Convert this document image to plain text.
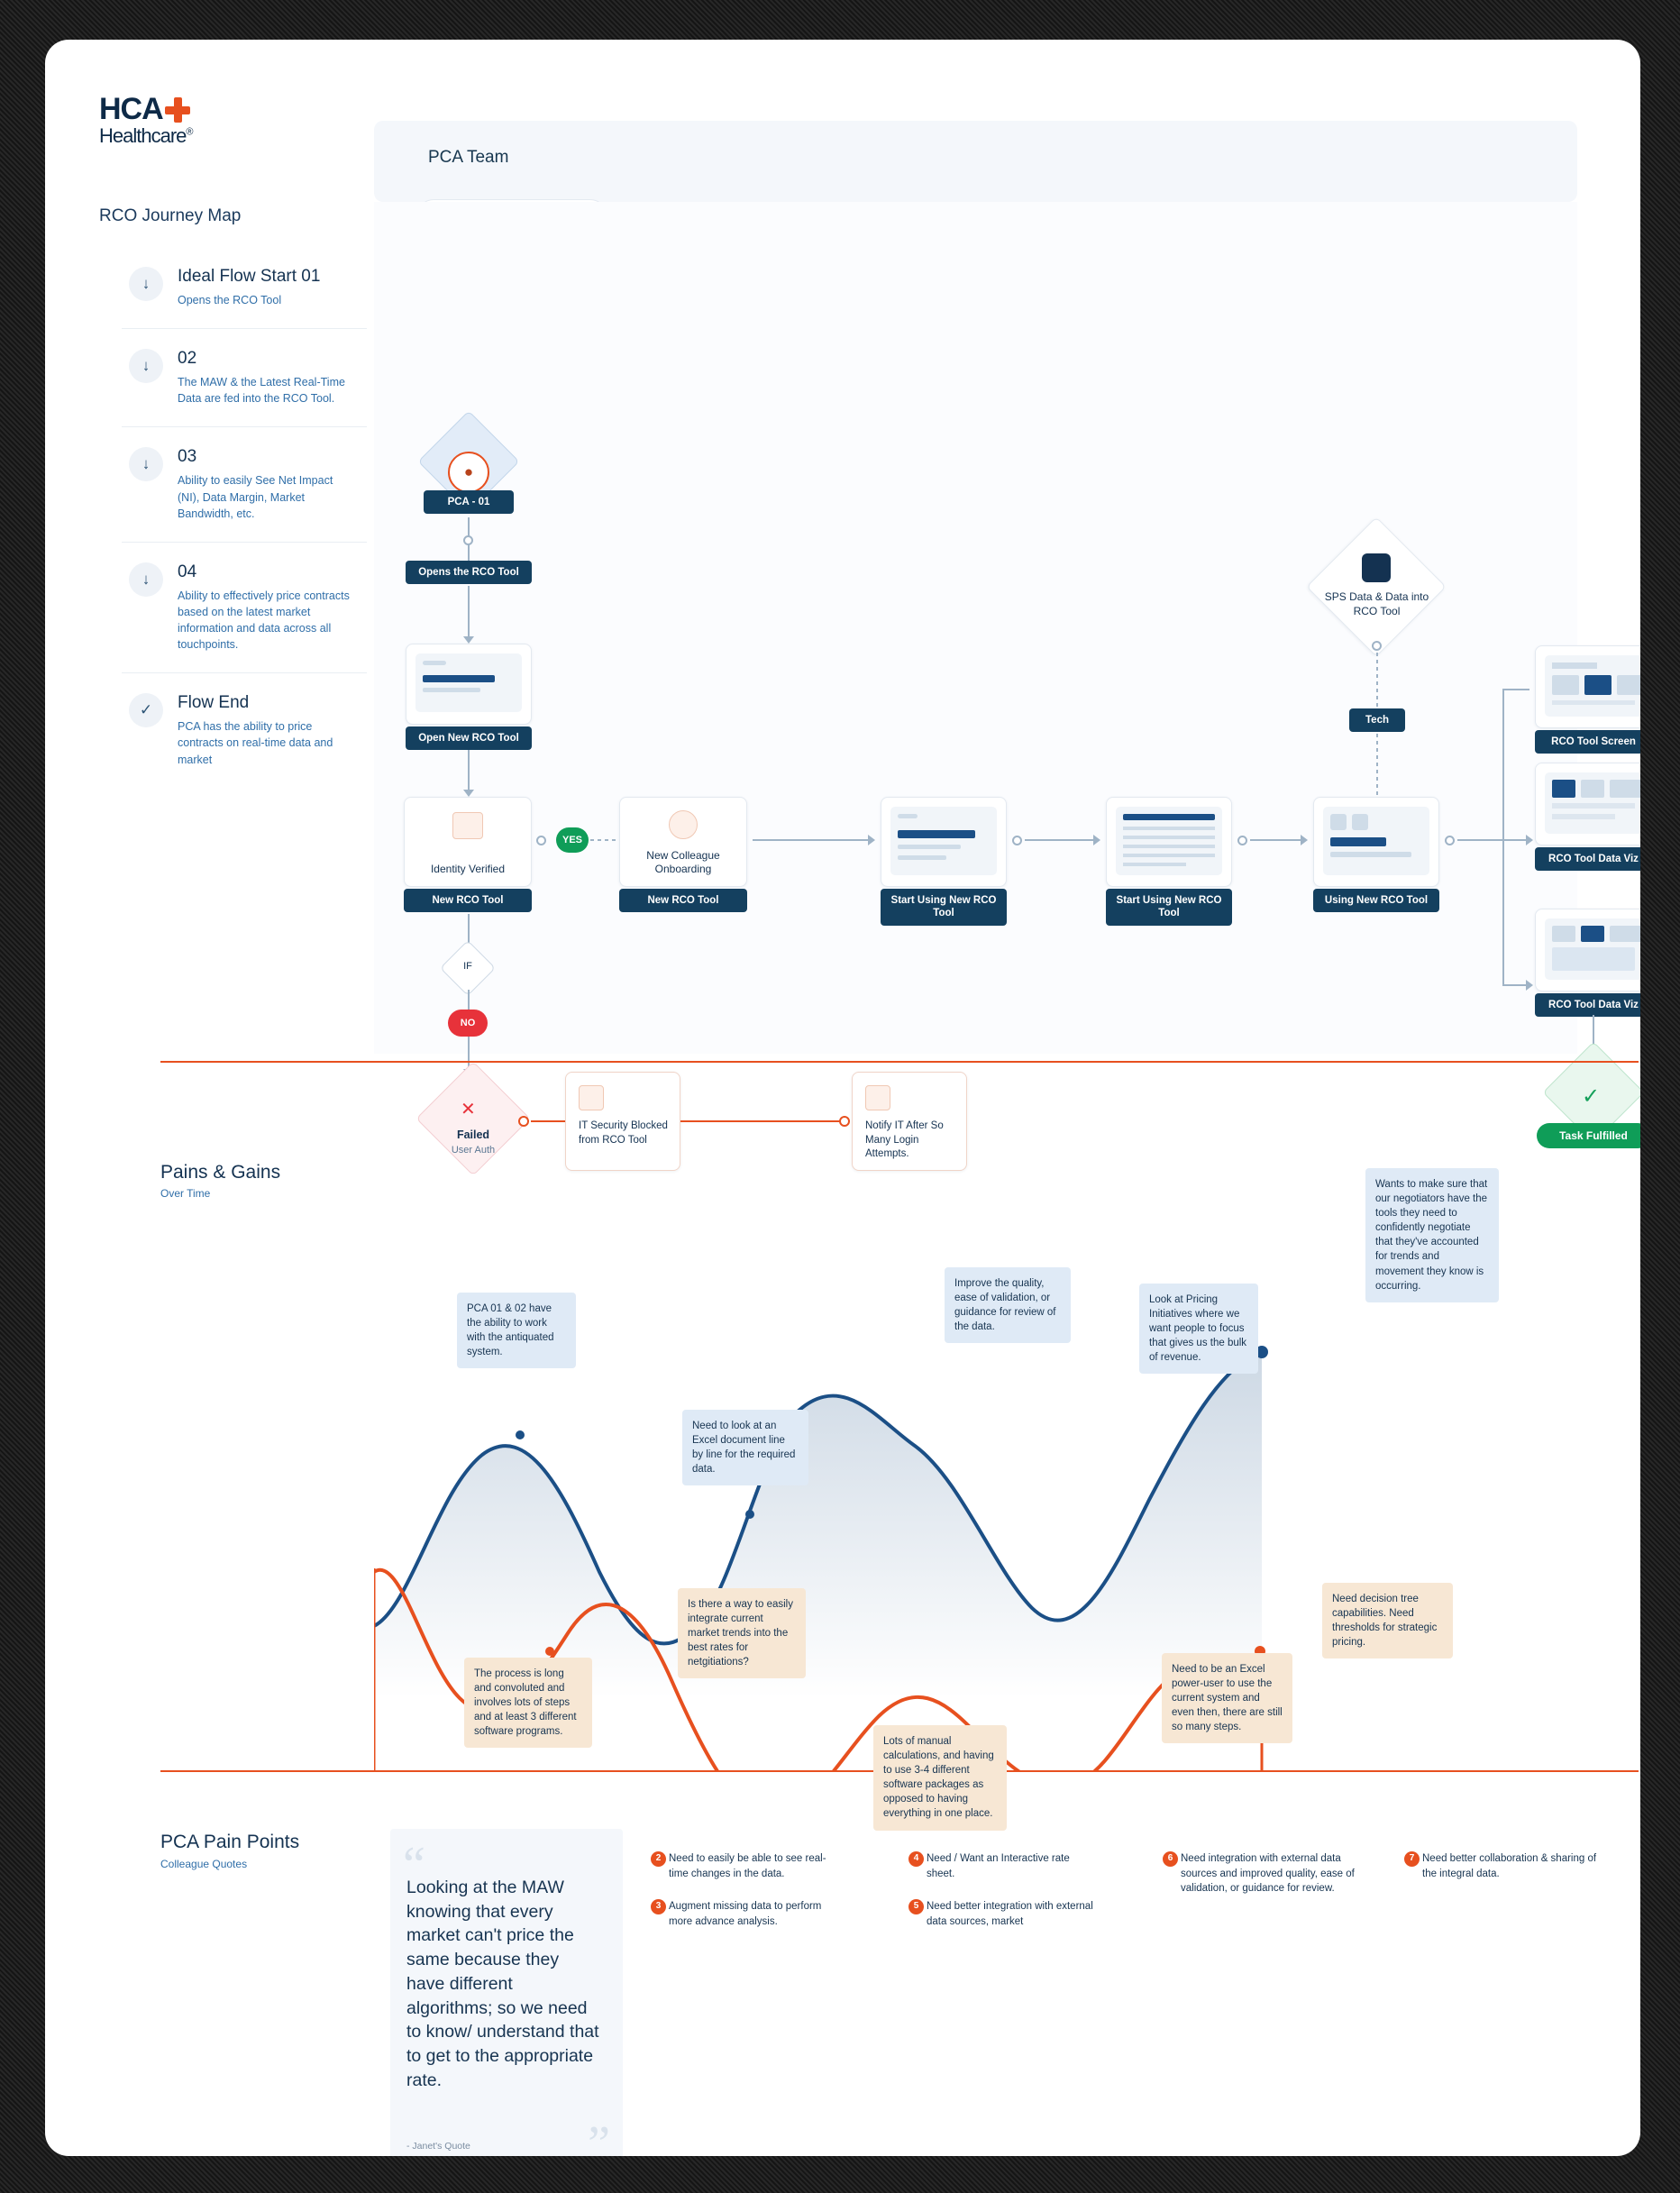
HCA
Healthcare®
RCO Journey Map
PCA Team
↓	Ideal Flow Start 01
Opens the RCO Tool
↓	02
The MAW & the Latest Real-Time Data are fed into the RCO Tool.
↓	03
Ability to easily See Net Impact (NI), Data Margin, Market Bandwidth, etc.
↓	04
Ability to effectively price contracts based on the latest market information and data across all touchpoints.
✓	Flow End
PCA has the ability to price contracts on real-time data and market
●
PCA - 01
Opens the RCO Tool
Open New RCO Tool
Identity Verified
New RCO Tool
YES
New Colleague Onboarding
New RCO Tool	Start Using New RCO Tool
Start Using New RCO Tool
Using New RCO Tool
SPS Data & Data into RCO Tool
Tech
RCO Tool Screen
RCO Tool Data Viz
RCO Tool Data Viz
✓
Task Fulfilled
IF
NO
✕
Failed
User Auth
IT Security Blocked from RCO Tool
Notify IT After So Many Login Attempts.
Pains & Gains
Over Time
PCA 01 & 02 have the ability to work with the antiquated system.
Need to look at an Excel document line by line for the required data.
Improve the quality, ease of validation, or guidance for review of the data.
Look at Pricing Initiatives where we want people to focus that gives us the bulk of revenue.
Wants to make sure that our negotiators have the tools they need to confidently negotiate that they've accounted for trends and movement they know is occurring.
The process is long and convoluted and involves lots of steps and at least 3 different software programs.
Is there a way to easily integrate current market trends into the best rates for netgitiations?
Lots of manual calculations, and having to use 3-4 different software packages as opposed to having everything in one place.
Need to be an Excel power-user to use the current system and even then, there are still so many steps.
Need decision tree capabilities. Need thresholds for strategic pricing.
PCA Pain Points
Colleague Quotes	“
Looking at the MAW knowing that every market can't price the same because they have different algorithms; so we need to know/ understand that to get to the appropriate rate.
- Janet's Quote ”
2 Need to easily be able to see real-time changes in the data.
3 Augment missing data to perform more advance analysis.
4 Need / Want an Interactive rate sheet.
5 Need better integration with external data sources, market
6 Need integration with external data sources and improved quality, ease of validation, or guidance for review.
7 Need better collaboration & sharing of the integral data.
